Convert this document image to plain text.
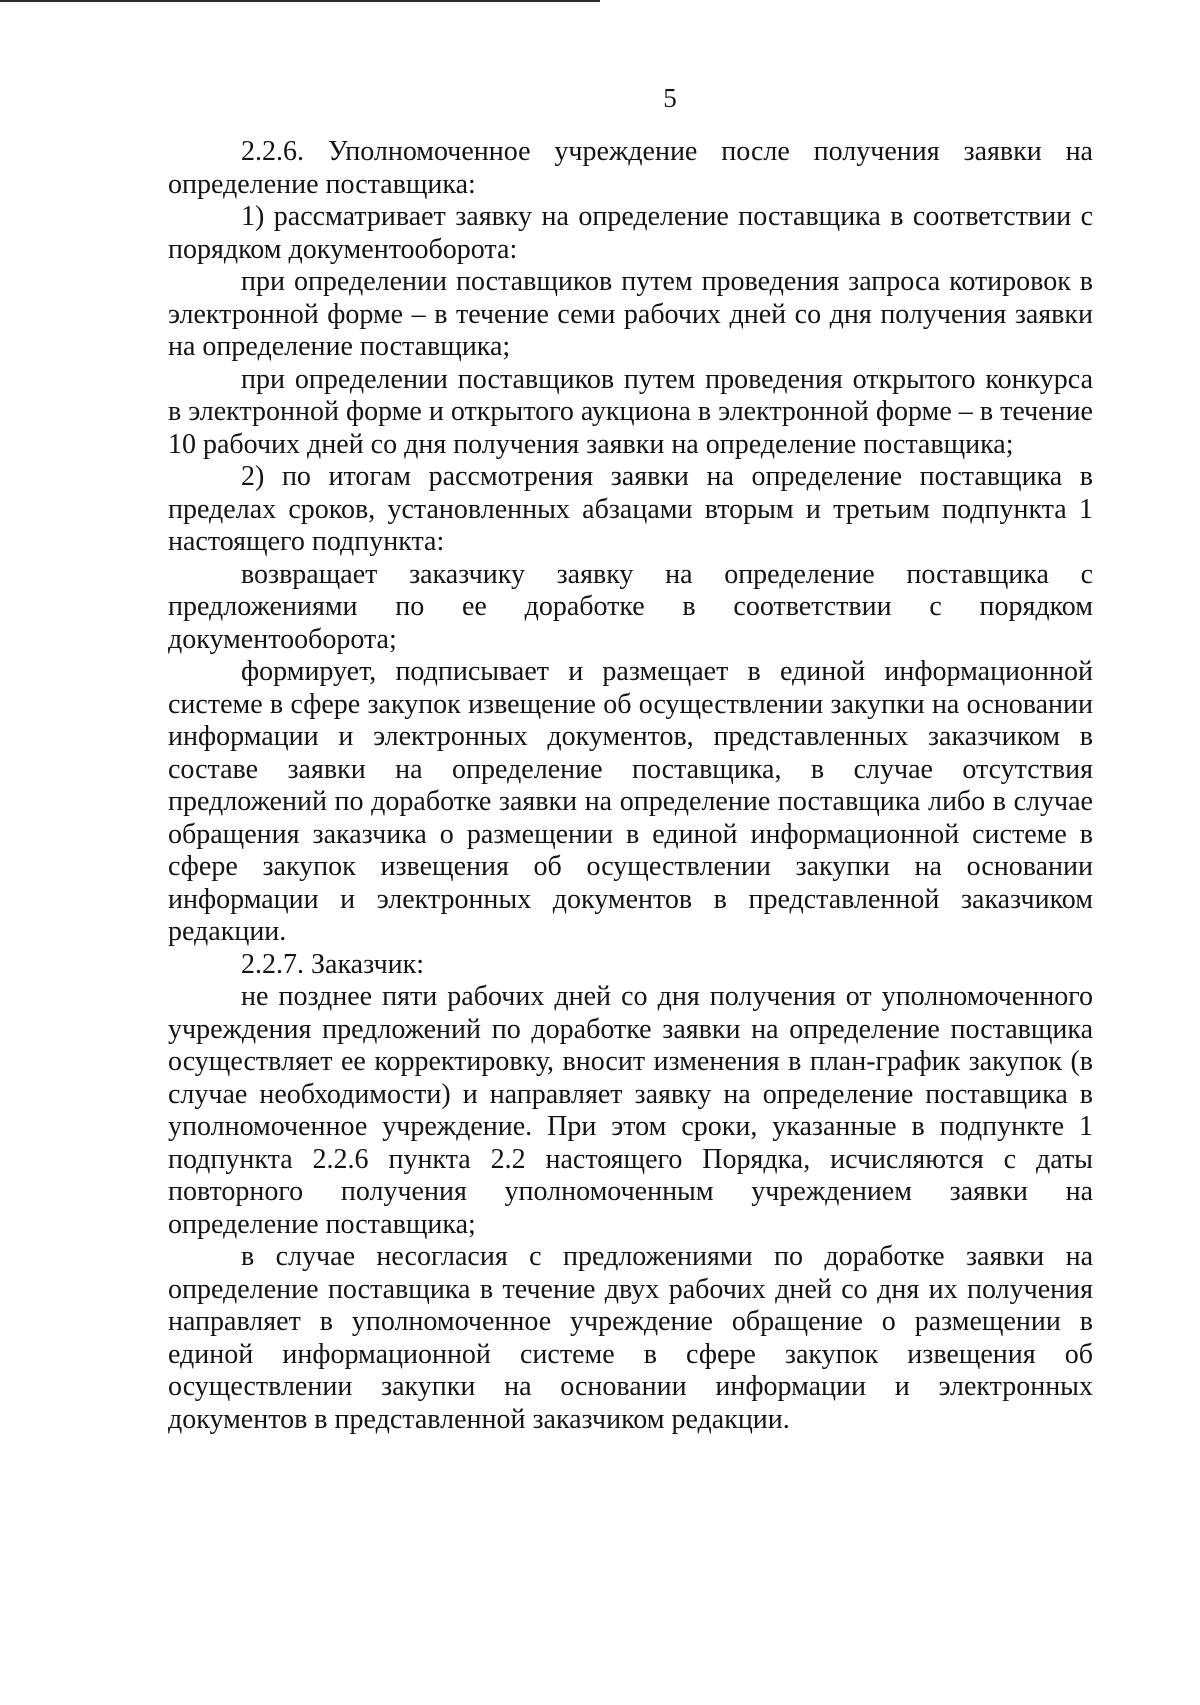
5

2.2.6. Уполномоченное учреждение после получения заявки на определение поставщика:

1) рассматривает заявку на определение поставщика в соответствии с порядком документооборота:

при определении поставщиков путем проведения запроса котировок в электронной форме – в течение семи рабочих дней со дня получения заявки на определение поставщика;

при определении поставщиков путем проведения открытого конкурса в электронной форме и открытого аукциона в электронной форме – в течение 10 рабочих дней со дня получения заявки на определение поставщика;

2) по итогам рассмотрения заявки на определение поставщика в пределах сроков, установленных абзацами вторым и третьим подпункта 1 настоящего подпункта:

возвращает заказчику заявку на определение поставщика с предложениями по ее доработке в соответствии с порядком документооборота;

формирует, подписывает и размещает в единой информационной системе в сфере закупок извещение об осуществлении закупки на основании информации и электронных документов, представленных заказчиком в составе заявки на определение поставщика, в случае отсутствия предложений по доработке заявки на определение поставщика либо в случае обращения заказчика о размещении в единой информационной системе в сфере закупок извещения об осуществлении закупки на основании информации и электронных документов в представленной заказчиком редакции.

2.2.7. Заказчик:

не позднее пяти рабочих дней со дня получения от уполномоченного учреждения предложений по доработке заявки на определение поставщика осуществляет ее корректировку, вносит изменения в план-график закупок (в случае необходимости) и направляет заявку на определение поставщика в уполномоченное учреждение. При этом сроки, указанные в подпункте 1 подпункта 2.2.6 пункта 2.2 настоящего Порядка, исчисляются с даты повторного получения уполномоченным учреждением заявки на определение поставщика;

в случае несогласия с предложениями по доработке заявки на определение поставщика в течение двух рабочих дней со дня их получения направляет в уполномоченное учреждение обращение о размещении в единой информационной системе в сфере закупок извещения об осуществлении закупки на основании информации и электронных документов в представленной заказчиком редакции.
